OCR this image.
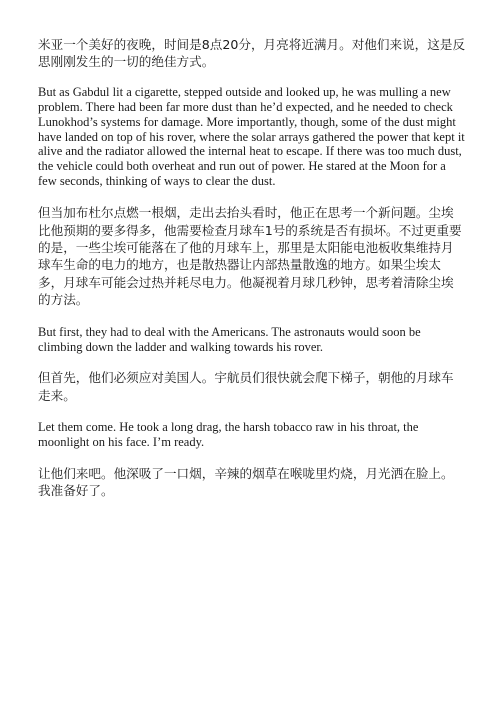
米亚一个美好的夜晚，时间是8点20分，月亮将近满月。对他们来说，这是反思刚刚发生的一切的绝佳方式。

But as Gabdul lit a cigarette, stepped outside and looked up, he was mulling a new problem. There had been far more dust than he’d expected, and he needed to check Lunokhod’s systems for damage. More importantly, though, some of the dust might have landed on top of his rover, where the solar arrays gathered the power that kept it alive and the radiator allowed the internal heat to escape. If there was too much dust, the vehicle could both overheat and run out of power. He stared at the Moon for a few seconds, thinking of ways to clear the dust.

但当加布杜尔点燃一根烟，走出去抬头看时，他正在思考一个新问题。尘埃比他预期的要多得多，他需要检查月球车1号的系统是否有损坏。不过更重要的是，一些尘埃可能落在了他的月球车上，那里是太阳能电池板收集维持月球车生命的电力的地方，也是散热器让内部热量散逸的地方。如果尘埃太多，月球车可能会过热并耗尽电力。他凝视着月球几秒钟，思考着清除尘埃的方法。

But first, they had to deal with the Americans. The astronauts would soon be climbing down the ladder and walking towards his rover.

但首先，他们必须应对美国人。宇航员们很快就会爬下梯子，朝他的月球车走来。

Let them come. He took a long drag, the harsh tobacco raw in his throat, the moonlight on his face. I’m ready.

让他们来吧。他深吸了一口烟，辛辣的烟草在喉咙里灼烧，月光洒在脸上。我准备好了。
